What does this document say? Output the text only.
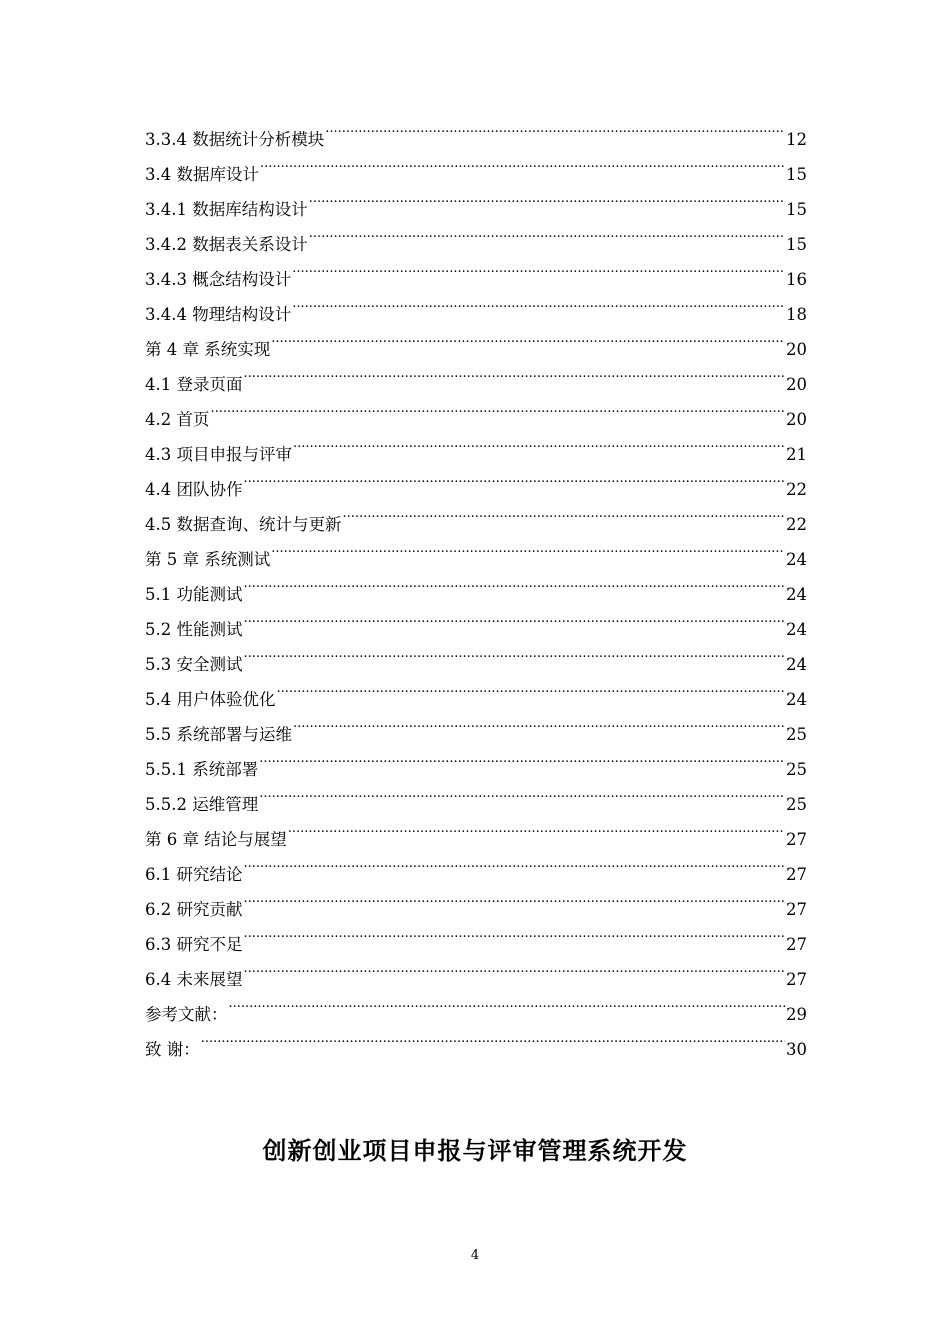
3.3.4 数据统计分析模块 .....	12
3.4 数据库设计 .....	15
3.4.1 数据库结构设计 .....	15
3.4.2 数据表关系设计 .....	15
3.4.3 概念结构设计 .....	16
3.4.4 物理结构设计 .....	18
第 4 章 系统实现 .....	20
4.1 登录页面 .....	20
4.2 首页 .....	20
4.3 项目申报与评审 .....	21
4.4 团队协作 .....	22
4.5 数据查询、统计与更新 .....	22
第 5 章 系统测试 .....	24
5.1 功能测试 .....	24
5.2 性能测试 .....	24
5.3 安全测试 .....	24
5.4 用户体验优化 .....	24
5.5 系统部署与运维 .....	25
5.5.1 系统部署 .....	25
5.5.2 运维管理 .....	25
第 6 章 结论与展望 .....	27
6.1 研究结论 .....	27
6.2 研究贡献 .....	27
6.3 研究不足 .....	27
6.4 未来展望 .....	27
参考文献： .....	29
致 谢： .....	30
创新创业项目申报与评审管理系统开发
4
